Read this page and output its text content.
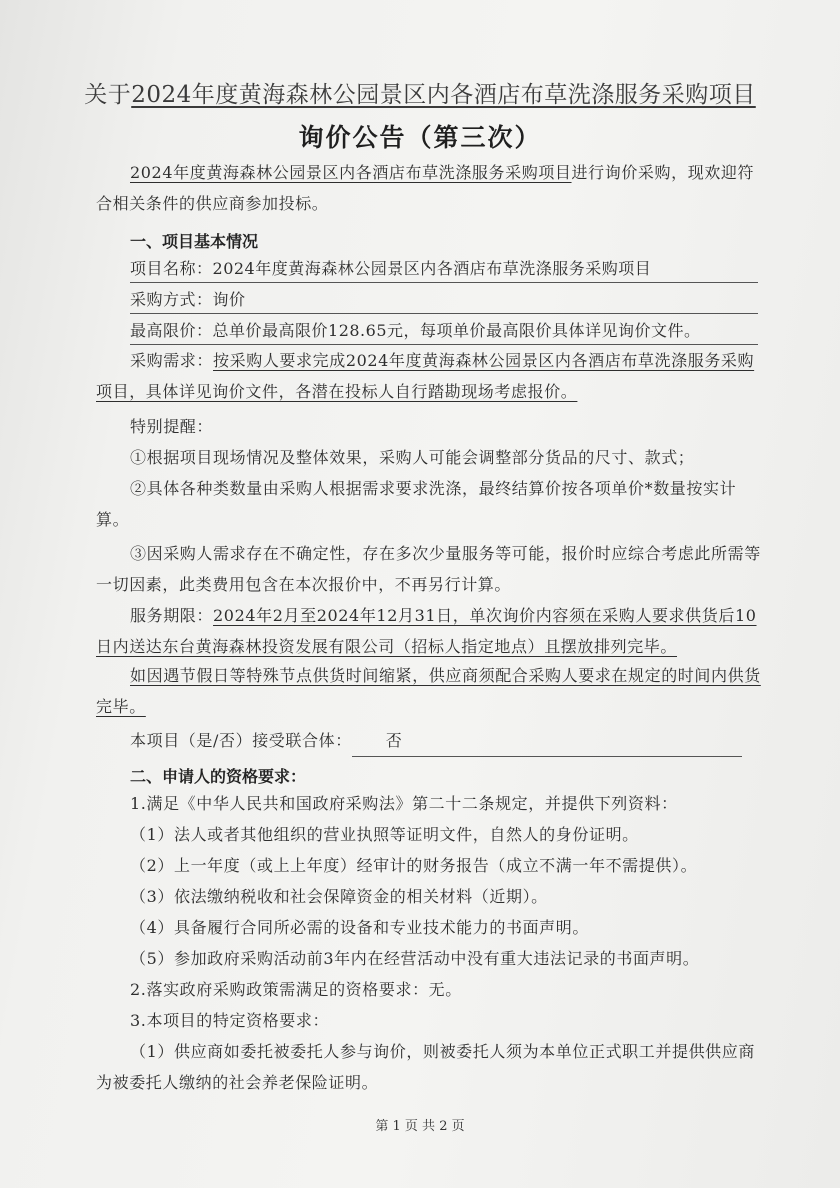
关于2024年度黄海森林公园景区内各酒店布草洗涤服务采购项目
询价公告（第三次）
2024年度黄海森林公园景区内各酒店布草洗涤服务采购项目进行询价采购，现欢迎符合相关条件的供应商参加投标。
一、项目基本情况
项目名称：2024年度黄海森林公园景区内各酒店布草洗涤服务采购项目
采购方式：询价
最高限价：总单价最高限价128.65元，每项单价最高限价具体详见询价文件。
采购需求：按采购人要求完成2024年度黄海森林公园景区内各酒店布草洗涤服务采购项目，具体详见询价文件，各潜在投标人自行踏勘现场考虑报价。
特别提醒：
①根据项目现场情况及整体效果，采购人可能会调整部分货品的尺寸、款式；
②具体各种类数量由采购人根据需求要求洗涤，最终结算价按各项单价*数量按实计算。
③因采购人需求存在不确定性，存在多次少量服务等可能，报价时应综合考虑此所需等一切因素，此类费用包含在本次报价中，不再另行计算。
服务期限：2024年2月至2024年12月31日，单次询价内容须在采购人要求供货后10日内送达东台黄海森林投资发展有限公司（招标人指定地点）且摆放排列完毕。
如因遇节假日等特殊节点供货时间缩紧，供应商须配合采购人要求在规定的时间内供货完毕。
本项目（是/否）接受联合体： 否
二、申请人的资格要求：
1.满足《中华人民共和国政府采购法》第二十二条规定，并提供下列资料：
（1）法人或者其他组织的营业执照等证明文件，自然人的身份证明。
（2）上一年度（或上上年度）经审计的财务报告（成立不满一年不需提供）。
（3）依法缴纳税收和社会保障资金的相关材料（近期）。
（4）具备履行合同所必需的设备和专业技术能力的书面声明。
（5）参加政府采购活动前3年内在经营活动中没有重大违法记录的书面声明。
2.落实政府采购政策需满足的资格要求：无。
3.本项目的特定资格要求：
（1）供应商如委托被委托人参与询价，则被委托人须为本单位正式职工并提供供应商为被委托人缴纳的社会养老保险证明。
第 1 页 共 2 页
